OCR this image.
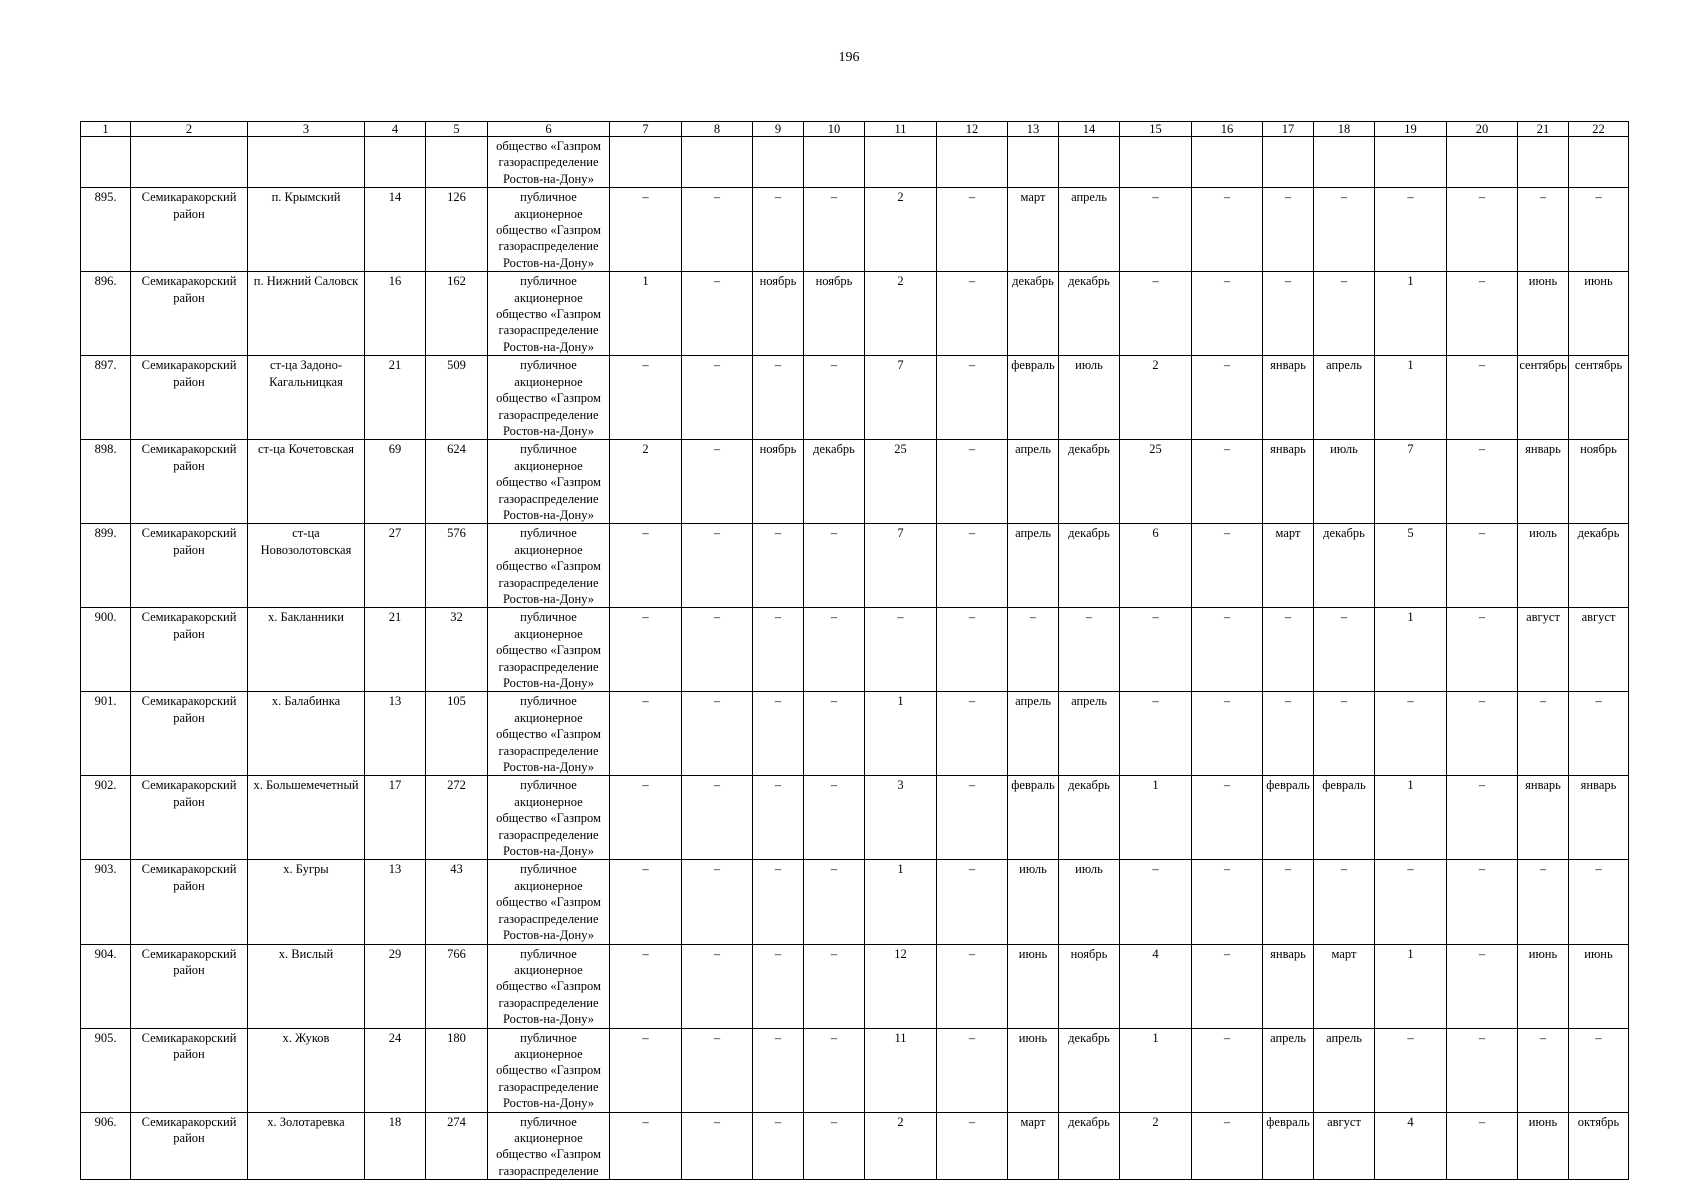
196
1	2	3	4	5	6	7	8	9	10	11	12	13	14	15	16	17	18	19	20	21	22
					общество «Газпром газораспределение Ростов-на-Дону»																
895.	Семикаракорский район	п. Крымский	14	126	публичное акционерное общество «Газпром газораспределение Ростов-на-Дону»	–	–	–	–	2	–	март	апрель	–	–	–	–	–	–	–	–
896.	Семикаракорский район	п. Нижний Саловск	16	162	публичное акционерное общество «Газпром газораспределение Ростов-на-Дону»	1	–	ноябрь	ноябрь	2	–	декабрь	декабрь	–	–	–	–	1	–	июнь	июнь
897.	Семикаракорский район	ст-ца Задоно-Кагальницкая	21	509	публичное акционерное общество «Газпром газораспределение Ростов-на-Дону»	–	–	–	–	7	–	февраль	июль	2	–	январь	апрель	1	–	сентябрь	сентябрь
898.	Семикаракорский район	ст-ца Кочетовская	69	624	публичное акционерное общество «Газпром газораспределение Ростов-на-Дону»	2	–	ноябрь	декабрь	25	–	апрель	декабрь	25	–	январь	июль	7	–	январь	ноябрь
899.	Семикаракорский район	ст-ца Новозолотовская	27	576	публичное акционерное общество «Газпром газораспределение Ростов-на-Дону»	–	–	–	–	7	–	апрель	декабрь	6	–	март	декабрь	5	–	июль	декабрь
900.	Семикаракорский район	х. Бакланники	21	32	публичное акционерное общество «Газпром газораспределение Ростов-на-Дону»	–	–	–	–	–	–	–	–	–	–	–	–	1	–	август	август
901.	Семикаракорский район	х. Балабинка	13	105	публичное акционерное общество «Газпром газораспределение Ростов-на-Дону»	–	–	–	–	1	–	апрель	апрель	–	–	–	–	–	–	–	–
902.	Семикаракорский район	х. Большемечетный	17	272	публичное акционерное общество «Газпром газораспределение Ростов-на-Дону»	–	–	–	–	3	–	февраль	декабрь	1	–	февраль	февраль	1	–	январь	январь
903.	Семикаракорский район	х. Бугры	13	43	публичное акционерное общество «Газпром газораспределение Ростов-на-Дону»	–	–	–	–	1	–	июль	июль	–	–	–	–	–	–	–	–
904.	Семикаракорский район	х. Вислый	29	766	публичное акционерное общество «Газпром газораспределение Ростов-на-Дону»	–	–	–	–	12	–	июнь	ноябрь	4	–	январь	март	1	–	июнь	июнь
905.	Семикаракорский район	х. Жуков	24	180	публичное акционерное общество «Газпром газораспределение Ростов-на-Дону»	–	–	–	–	11	–	июнь	декабрь	1	–	апрель	апрель	–	–	–	–
906.	Семикаракорский район	х. Золотаревка	18	274	публичное акционерное общество «Газпром газораспределение	–	–	–	–	2	–	март	декабрь	2	–	февраль	август	4	–	июнь	октябрь
